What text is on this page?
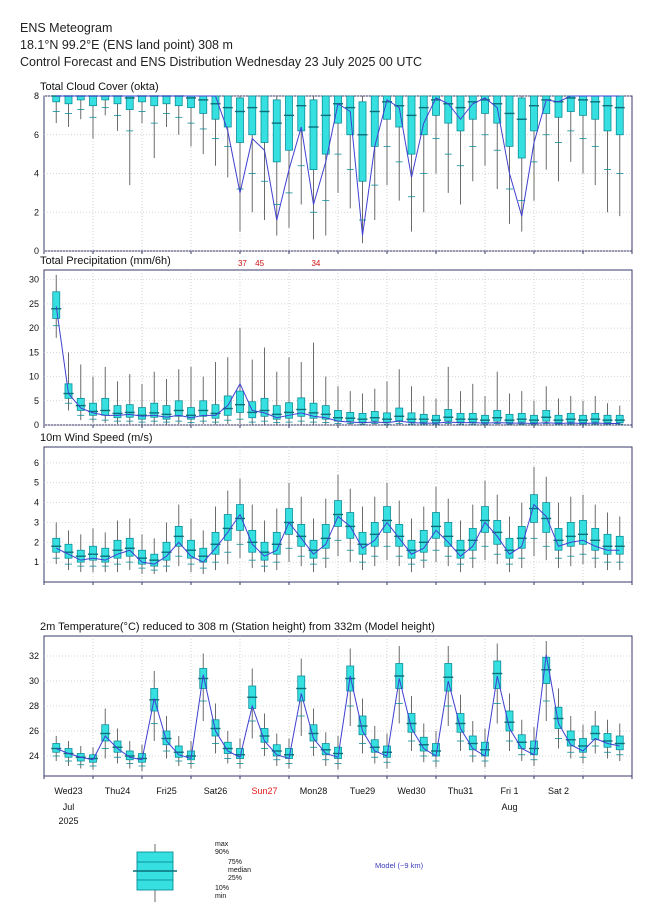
ENS Meteogram
18.1°N 99.2°E (ENS land point) 308 m
Control Forecast and ENS Distribution Wednesday 23 July 2025 00 UTC
Total Cloud Cover (okta)
0
2
4
6
8
Total Precipitation (mm/6h)
0
5
10
15
20
25
30
37 45	34
10m Wind Speed (m/s)
1
2
3
4
5
6
2m Temperature(°C) reduced to 308 m (Station height) from 332m (Model height)
24
26
28
30
32
Wed23 Thu24	Fri25	Sat26	Sun27 Mon28	Tue29 Wed30 Thu31	Fri 1	Sat 2
Jul
2025
Aug
max
90%
75%
median
25%
10%
min
Model (~9 km)
